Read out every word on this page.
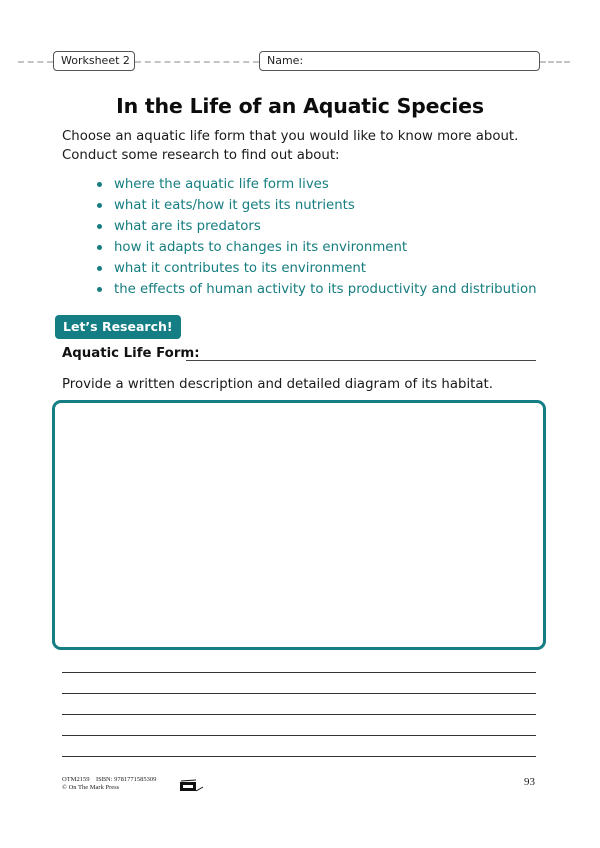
Worksheet 2	Name:
In the Life of an Aquatic Species
Choose an aquatic life form that you would like to know more about. Conduct some research to find out about:
where the aquatic life form lives
what it eats/how it gets its nutrients
what are its predators
how it adapts to changes in its environment
what it contributes to its environment
the effects of human activity to its productivity and distribution
Let’s Research!
Aquatic Life Form:
Provide a written description and detailed diagram of its habitat.
OTM2159    ISBN: 9781771585309
© On The Mark Press	93
